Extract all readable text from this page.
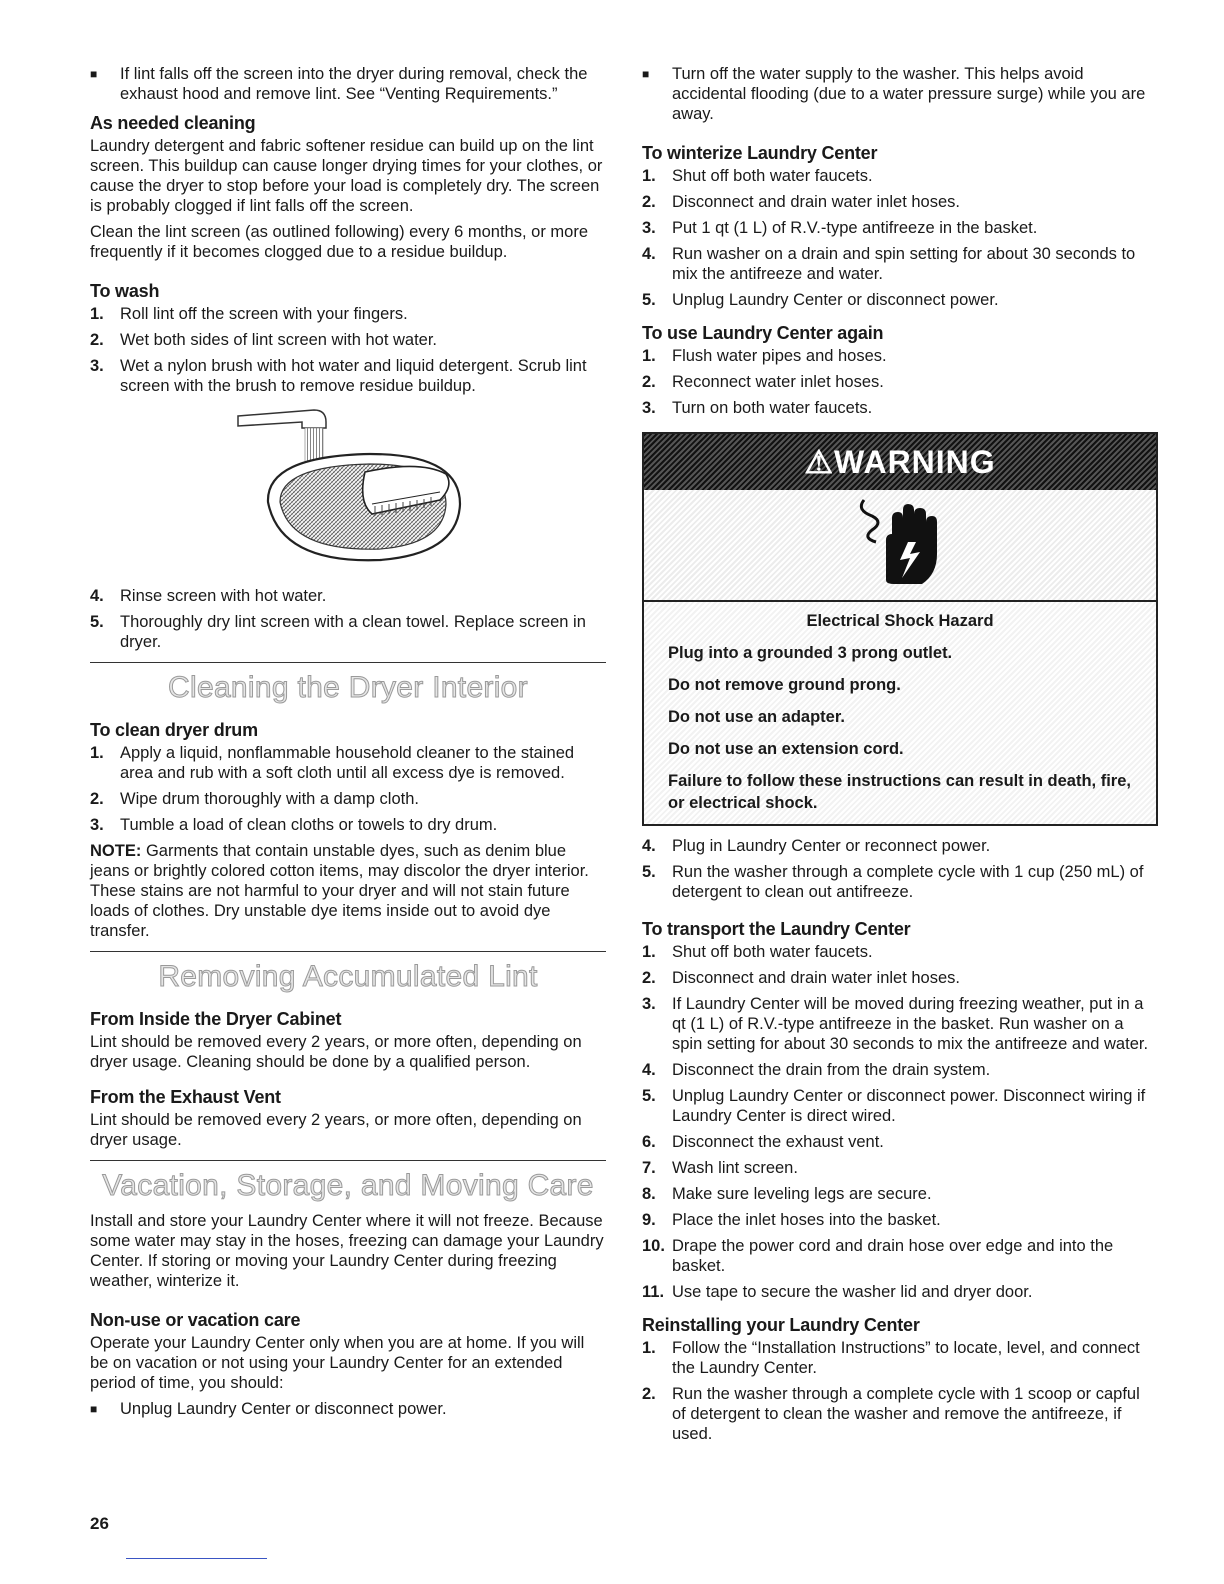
■	If lint falls off the screen into the dryer during removal, check the exhaust hood and remove lint. See “Venting Requirements.”
As needed cleaning

Laundry detergent and fabric softener residue can build up on the lint screen. This buildup can cause longer drying times for your clothes, or cause the dryer to stop before your load is completely dry. The screen is probably clogged if lint falls off the screen.

Clean the lint screen (as outlined following) every 6 months, or more frequently if it becomes clogged due to a residue buildup.

To wash
1. Roll lint off the screen with your fingers.
2. Wet both sides of lint screen with hot water.
3. Wet a nylon brush with hot water and liquid detergent. Scrub lint screen with the brush to remove residue buildup.
4. Rinse screen with hot water.
5. Thoroughly dry lint screen with a clean towel. Replace screen in dryer.
Cleaning the Dryer Interior
To clean dryer drum
1. Apply a liquid, nonflammable household cleaner to the stained area and rub with a soft cloth until all excess dye is removed.
2. Wipe drum thoroughly with a damp cloth.
3. Tumble a load of clean cloths or towels to dry drum.

NOTE: Garments that contain unstable dyes, such as denim blue jeans or brightly colored cotton items, may discolor the dryer interior. These stains are not harmful to your dryer and will not stain future loads of clothes. Dry unstable dye items inside out to avoid dye transfer.

Removing Accumulated Lint
From Inside the Dryer Cabinet

Lint should be removed every 2 years, or more often, depending on dryer usage. Cleaning should be done by a qualified person.

From the Exhaust Vent

Lint should be removed every 2 years, or more often, depending on dryer usage.

Vacation, Storage, and Moving Care

Install and store your Laundry Center where it will not freeze. Because some water may stay in the hoses, freezing can damage your Laundry Center. If storing or moving your Laundry Center during freezing weather, winterize it.

Non-use or vacation care

Operate your Laundry Center only when you are at home. If you will be on vacation or not using your Laundry Center for an extended period of time, you should:

■	Unplug Laundry Center or disconnect power.
■	Turn off the water supply to the washer. This helps avoid accidental flooding (due to a water pressure surge) while you are away.
To winterize Laundry Center
1. Shut off both water faucets.
2. Disconnect and drain water inlet hoses.
3. Put 1 qt (1 L) of R.V.-type antifreeze in the basket.
4. Run washer on a drain and spin setting for about 30 seconds to mix the antifreeze and water.
5. Unplug Laundry Center or disconnect power.
To use Laundry Center again
1. Flush water pipes and hoses.
2. Reconnect water inlet hoses.
3. Turn on both water faucets.
⚠WARNING
Electrical Shock Hazard
Plug into a grounded 3 prong outlet.
Do not remove ground prong.
Do not use an adapter.
Do not use an extension cord.
Failure to follow these instructions can result in death, fire, or electrical shock.
4. Plug in Laundry Center or reconnect power.
5. Run the washer through a complete cycle with 1 cup (250 mL) of detergent to clean out antifreeze.
To transport the Laundry Center
1. Shut off both water faucets.
2. Disconnect and drain water inlet hoses.
3. If Laundry Center will be moved during freezing weather, put in a qt (1 L) of R.V.-type antifreeze in the basket. Run washer on a spin setting for about 30 seconds to mix the antifreeze and water.
4. Disconnect the drain from the drain system.
5. Unplug Laundry Center or disconnect power. Disconnect wiring if Laundry Center is direct wired.
6. Disconnect the exhaust vent.
7. Wash lint screen.
8. Make sure leveling legs are secure.
9. Place the inlet hoses into the basket.
10. Drape the power cord and drain hose over edge and into the basket.
11. Use tape to secure the washer lid and dryer door.
Reinstalling your Laundry Center
1. Follow the “Installation Instructions” to locate, level, and connect the Laundry Center.
2. Run the washer through a complete cycle with 1 scoop or capful of detergent to clean the washer and remove the antifreeze, if used.
26
